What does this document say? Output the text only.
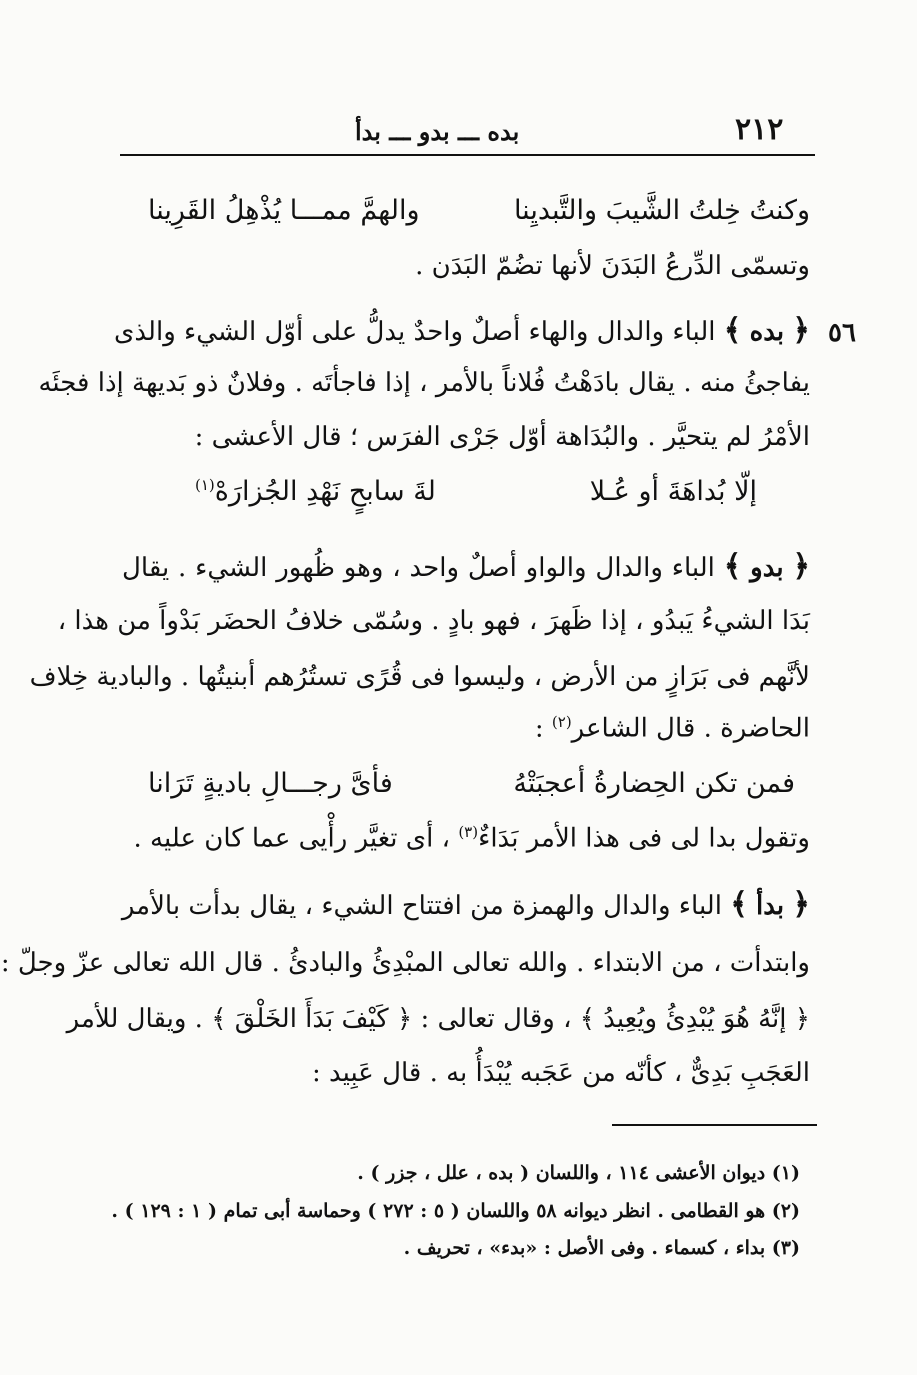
٢١٢
بده ـــ بدو ـــ بدأ
وكنتُ خِلتُ الشَّيبَ والتَّبديِنا
والهمَّ ممـــا يُذْهِلُ القَرِينا
وتسمّى الدِّرعُ البَدَنَ لأنها تضُمّ البَدَن .
٥٦
﴿ بده ﴾ الباء والدال والهاء أصلٌ واحدٌ يدلُّ على أوّل الشيء والذى
يفاجئُ منه . يقال بادَهْتُ فُلاناً بالأمر ، إذا فاجأتَه . وفلانٌ ذو بَديهة إذا فجئَه
الأمْرُ لم يتحيَّر . والبُدَاهة أوّل جَرْى الفرَس ؛ قال الأعشى :
إلّا بُداهَةَ أو عُـلا
لةَ سابحٍ نَهْدِ الجُزارَهْ$^{(١)}$
﴿ بدو ﴾ الباء والدال والواو أصلٌ واحد ، وهو ظُهور الشيء . يقال
بَدَا الشيءُ يَبدُو ، إذا ظَهرَ ، فهو بادٍ . وسُمّى خلافُ الحضَر بَدْواً من هذا ،
لأنَّهم فى بَرَازٍ من الأرض ، وليسوا فى قُرًى تستُرُهم أبنيتُها . والبادية خِلاف
الحاضرة . قال الشاعر$^{(٢)}$ :
فمن تكن الحِضارةُ أعجبَتْهُ
فأىَّ رجـــالِ باديةٍ تَرَانا
وتقول بدا لى فى هذا الأمر بَدَاءٌ$^{(٣)}$ ، أى تغيَّر رأْيى عما كان عليه .
﴿ بدأ ﴾ الباء والدال والهمزة من افتتاح الشيء ، يقال بدأت بالأمر
وابتدأت ، من الابتداء . والله تعالى المبْدِئُ والبادئُ . قال الله تعالى عزّ وجلّ :
﴿ إنَّهُ هُوَ يُبْدِئُ ويُعِيدُ ﴾ ، وقال تعالى : ﴿ كَيْفَ بَدَأَ الخَلْقَ ﴾ . ويقال للأمر
العَجَبِ بَدِىٌّ ، كأنّه من عَجَبه يُبْدَأُ به . قال عَبِيد :
(١) ديوان الأعشى ١١٤ ، واللسان ( بده ، علل ، جزر ) .
(٢) هو القطامى . انظر ديوانه ٥٨ واللسان ( ٥ : ٢٧٢ ) وحماسة أبى تمام ( ١ : ١٢٩ ) .
(٣) بداء ، كسماء . وفى الأصل : «بدء» ، تحريف .
